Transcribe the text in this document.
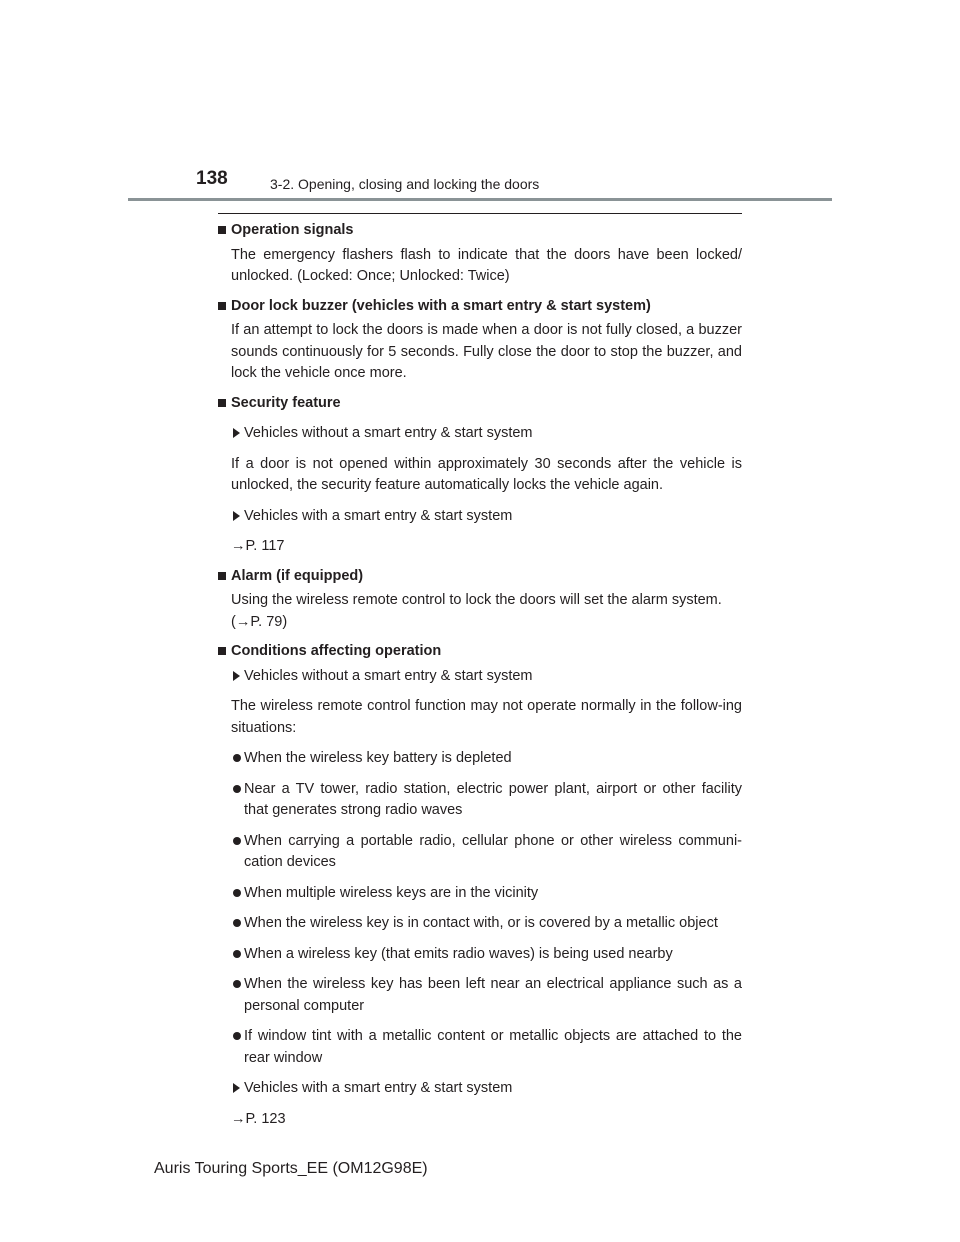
138	3-2. Opening, closing and locking the doors
Operation signals
The emergency flashers flash to indicate that the doors have been locked/ unlocked. (Locked: Once; Unlocked: Twice)
Door lock buzzer (vehicles with a smart entry & start system)
If an attempt to lock the doors is made when a door is not fully closed, a buzzer sounds continuously for 5 seconds. Fully close the door to stop the buzzer, and lock the vehicle once more.
Security feature
Vehicles without a smart entry & start system
If a door is not opened within approximately 30 seconds after the vehicle is unlocked, the security feature automatically locks the vehicle again.
Vehicles with a smart entry & start system
→P. 117
Alarm (if equipped)
Using the wireless remote control to lock the doors will set the alarm system. (→P. 79)
Conditions affecting operation
Vehicles without a smart entry & start system
The wireless remote control function may not operate normally in the follow-ing situations:
When the wireless key battery is depleted
Near a TV tower, radio station, electric power plant, airport or other facility that generates strong radio waves
When carrying a portable radio, cellular phone or other wireless communi-cation devices
When multiple wireless keys are in the vicinity
When the wireless key is in contact with, or is covered by a metallic object
When a wireless key (that emits radio waves) is being used nearby
When the wireless key has been left near an electrical appliance such as a personal computer
If window tint with a metallic content or metallic objects are attached to the rear window
Vehicles with a smart entry & start system
→P. 123
Auris Touring Sports_EE (OM12G98E)
